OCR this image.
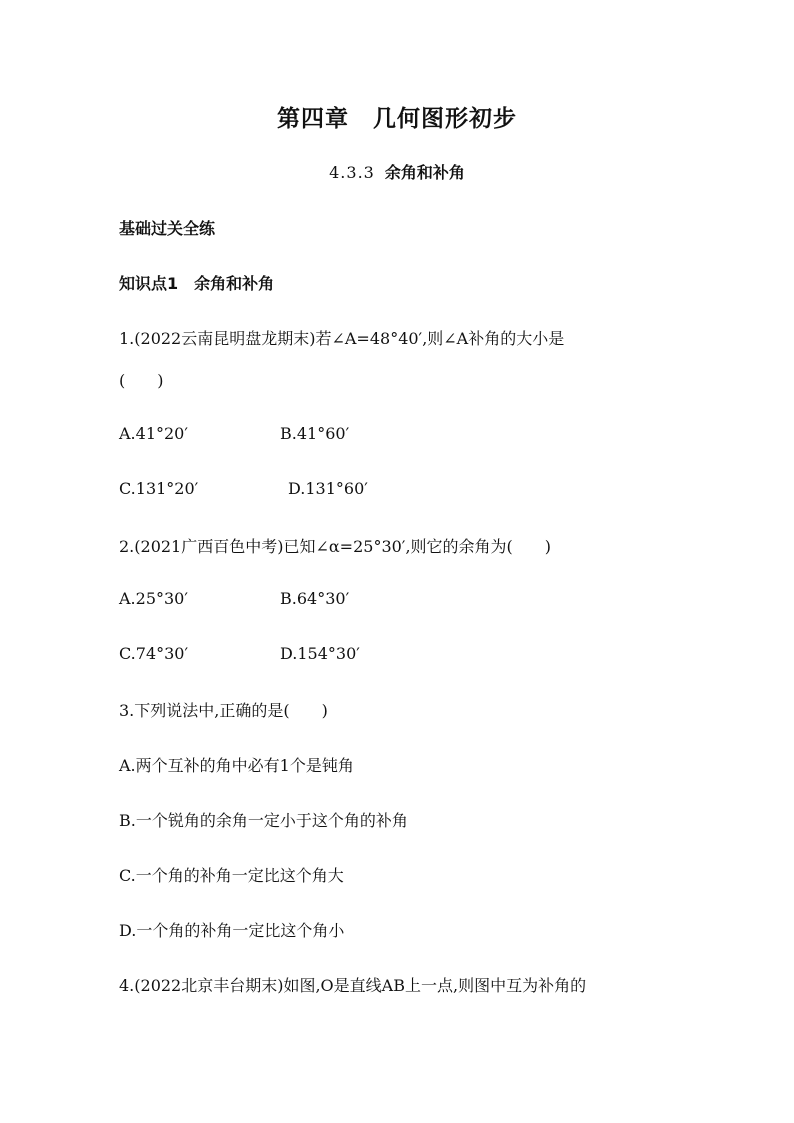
第四章　几何图形初步
4.3.3 余角和补角
基础过关全练
知识点1　余角和补角
1.(2022云南昆明盘龙期末)若∠A=48°40′,则∠A补角的大小是
(　　)
A.41°20′	B.41°60′
C.131°20′	D.131°60′
2.(2021广西百色中考)已知∠α=25°30′,则它的余角为(　　)
A.25°30′	B.64°30′
C.74°30′	D.154°30′
3.下列说法中,正确的是(　　)
A.两个互补的角中必有1个是钝角
B.一个锐角的余角一定小于这个角的补角
C.一个角的补角一定比这个角大
D.一个角的补角一定比这个角小
4.(2022北京丰台期末)如图,O是直线AB上一点,则图中互为补角的
